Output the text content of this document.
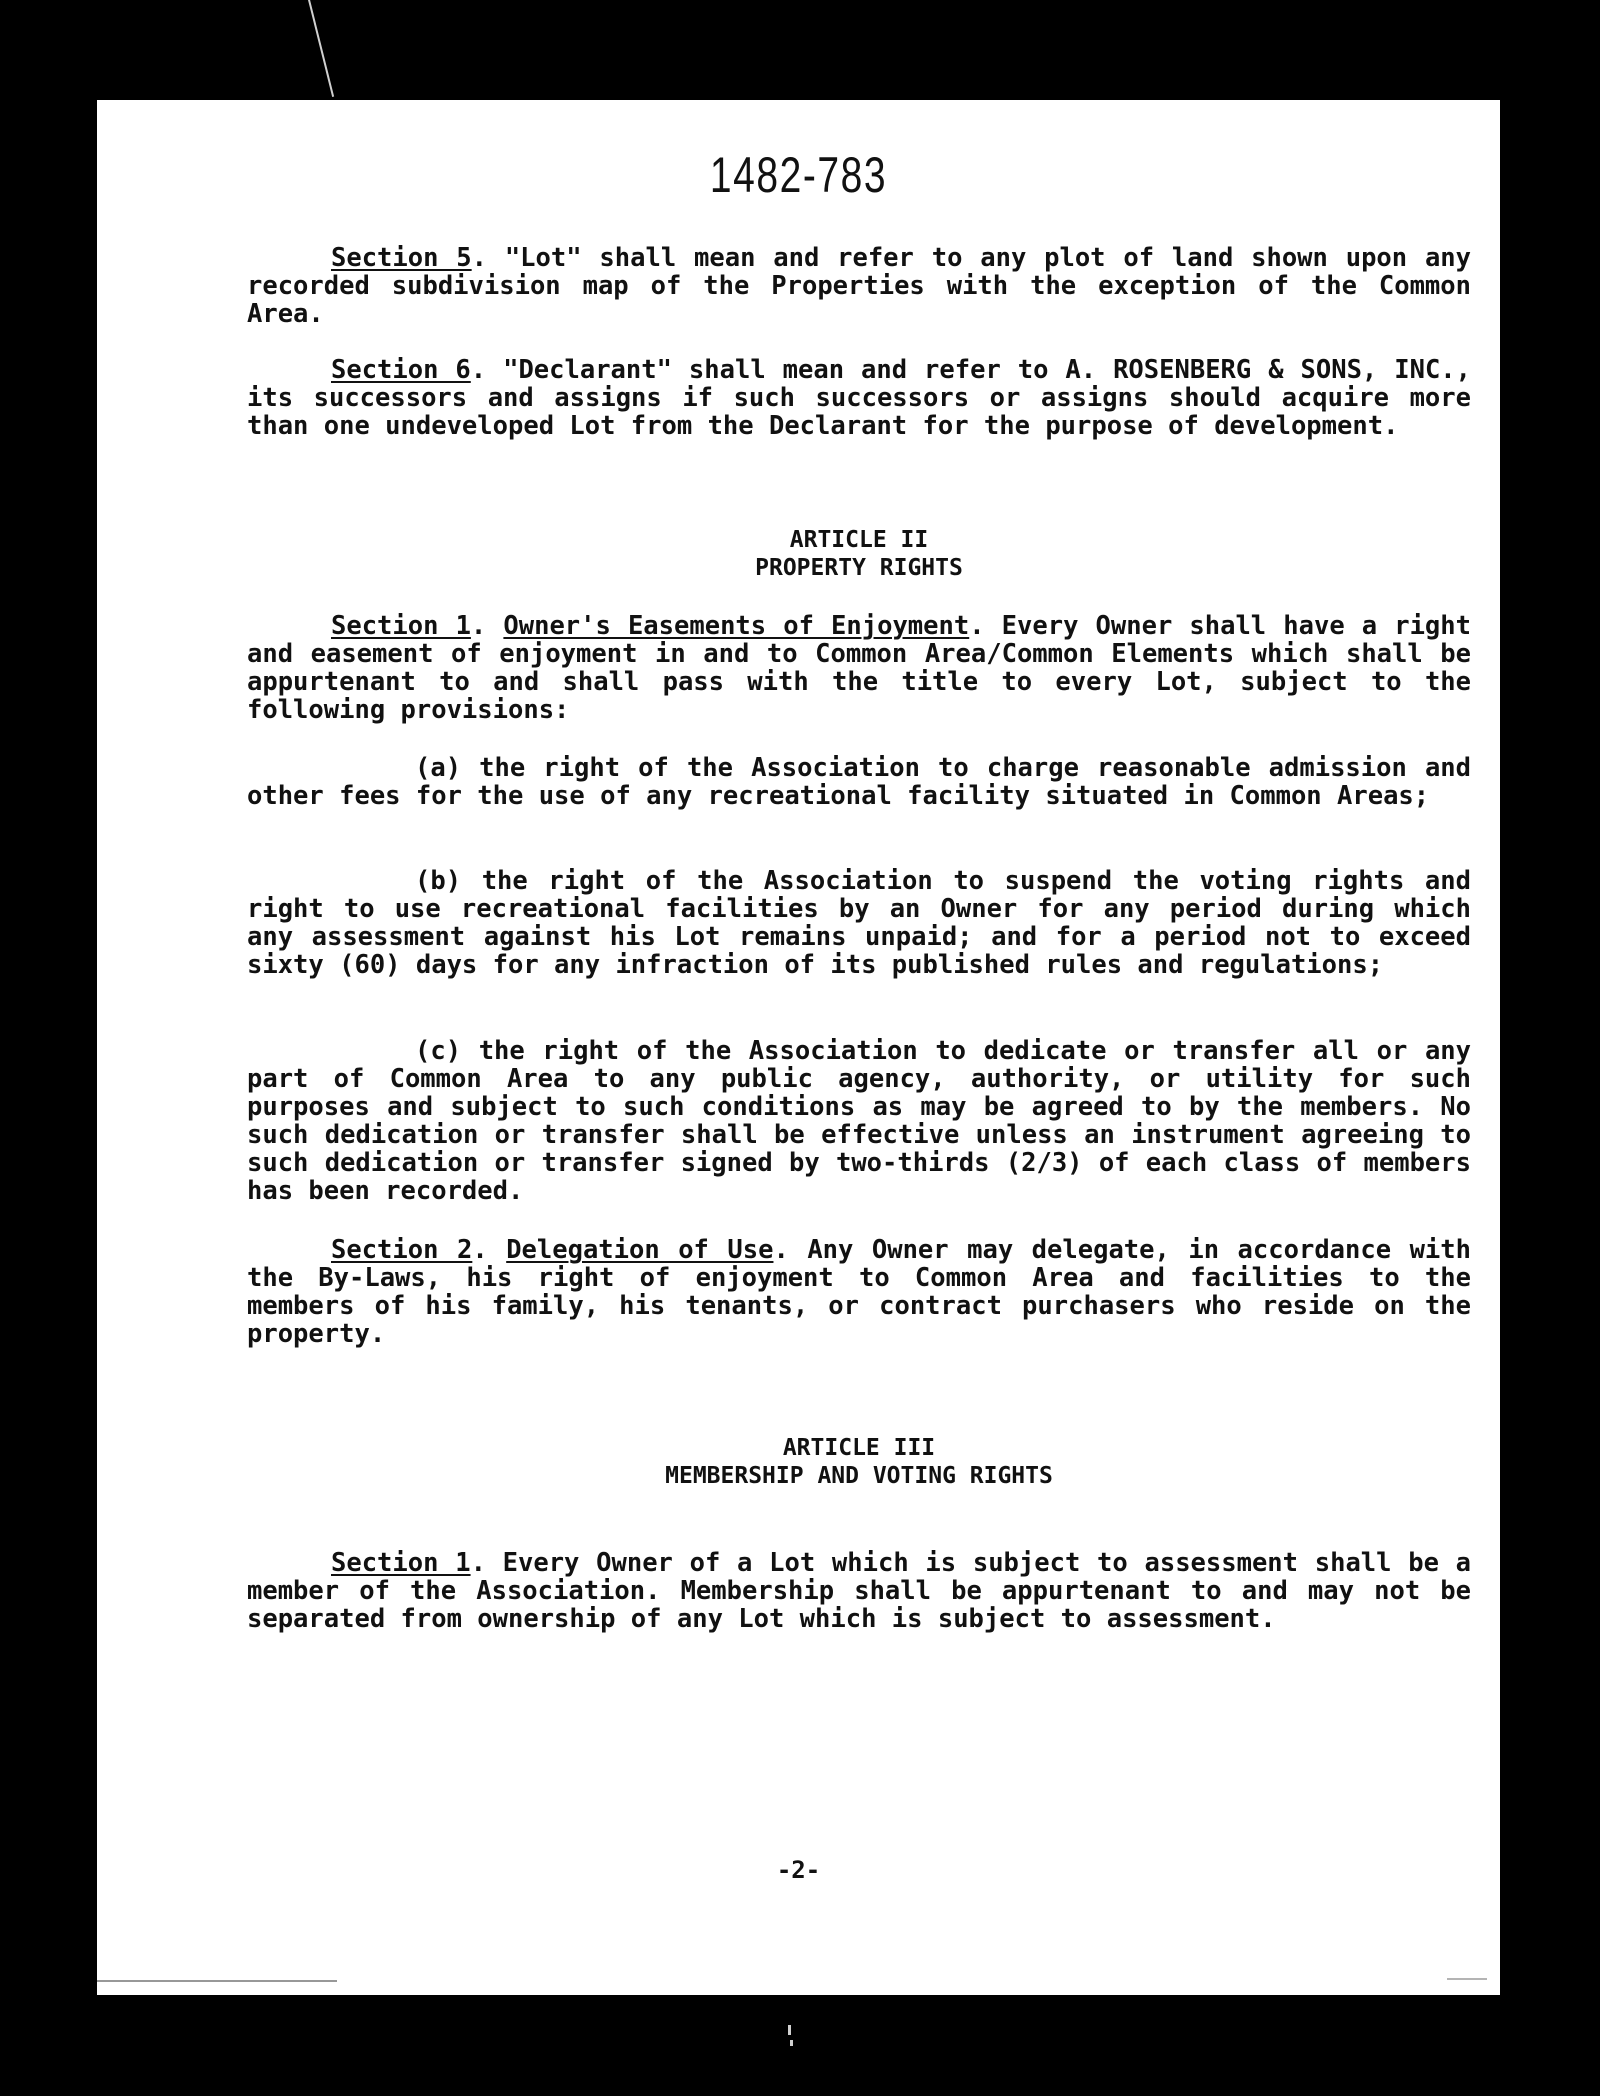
1482-783

Section 5. "Lot" shall mean and refer to any plot of land shown upon any recorded subdivision map of the Properties with the exception of the Common Area.

Section 6. "Declarant" shall mean and refer to A. ROSENBERG & SONS, INC., its successors and assigns if such successors or assigns should acquire more than one undeveloped Lot from the Declarant for the purpose of development.

ARTICLE II

PROPERTY RIGHTS

Section 1. Owner's Easements of Enjoyment. Every Owner shall have a right and easement of enjoyment in and to Common Area/Common Elements which shall be appurtenant to and shall pass with the title to every Lot, subject to the following provisions:

(a) the right of the Association to charge reasonable admission and other fees for the use of any recreational facility situated in Common Areas;

(b) the right of the Association to suspend the voting rights and right to use recreational facilities by an Owner for any period during which any assessment against his Lot remains unpaid; and for a period not to exceed sixty (60) days for any infraction of its published rules and regulations;

(c) the right of the Association to dedicate or transfer all or any part of Common Area to any public agency, authority, or utility for such purposes and subject to such conditions as may be agreed to by the members. No such dedication or transfer shall be effective unless an instrument agreeing to such dedication or transfer signed by two-thirds (2/3) of each class of members has been recorded.

Section 2. Delegation of Use. Any Owner may delegate, in accordance with the By-Laws, his right of enjoyment to Common Area and facilities to the members of his family, his tenants, or contract purchasers who reside on the property.

ARTICLE III

MEMBERSHIP AND VOTING RIGHTS

Section 1. Every Owner of a Lot which is subject to assessment shall be a member of the Association. Membership shall be appurtenant to and may not be separated from ownership of any Lot which is subject to assessment.

-2-
